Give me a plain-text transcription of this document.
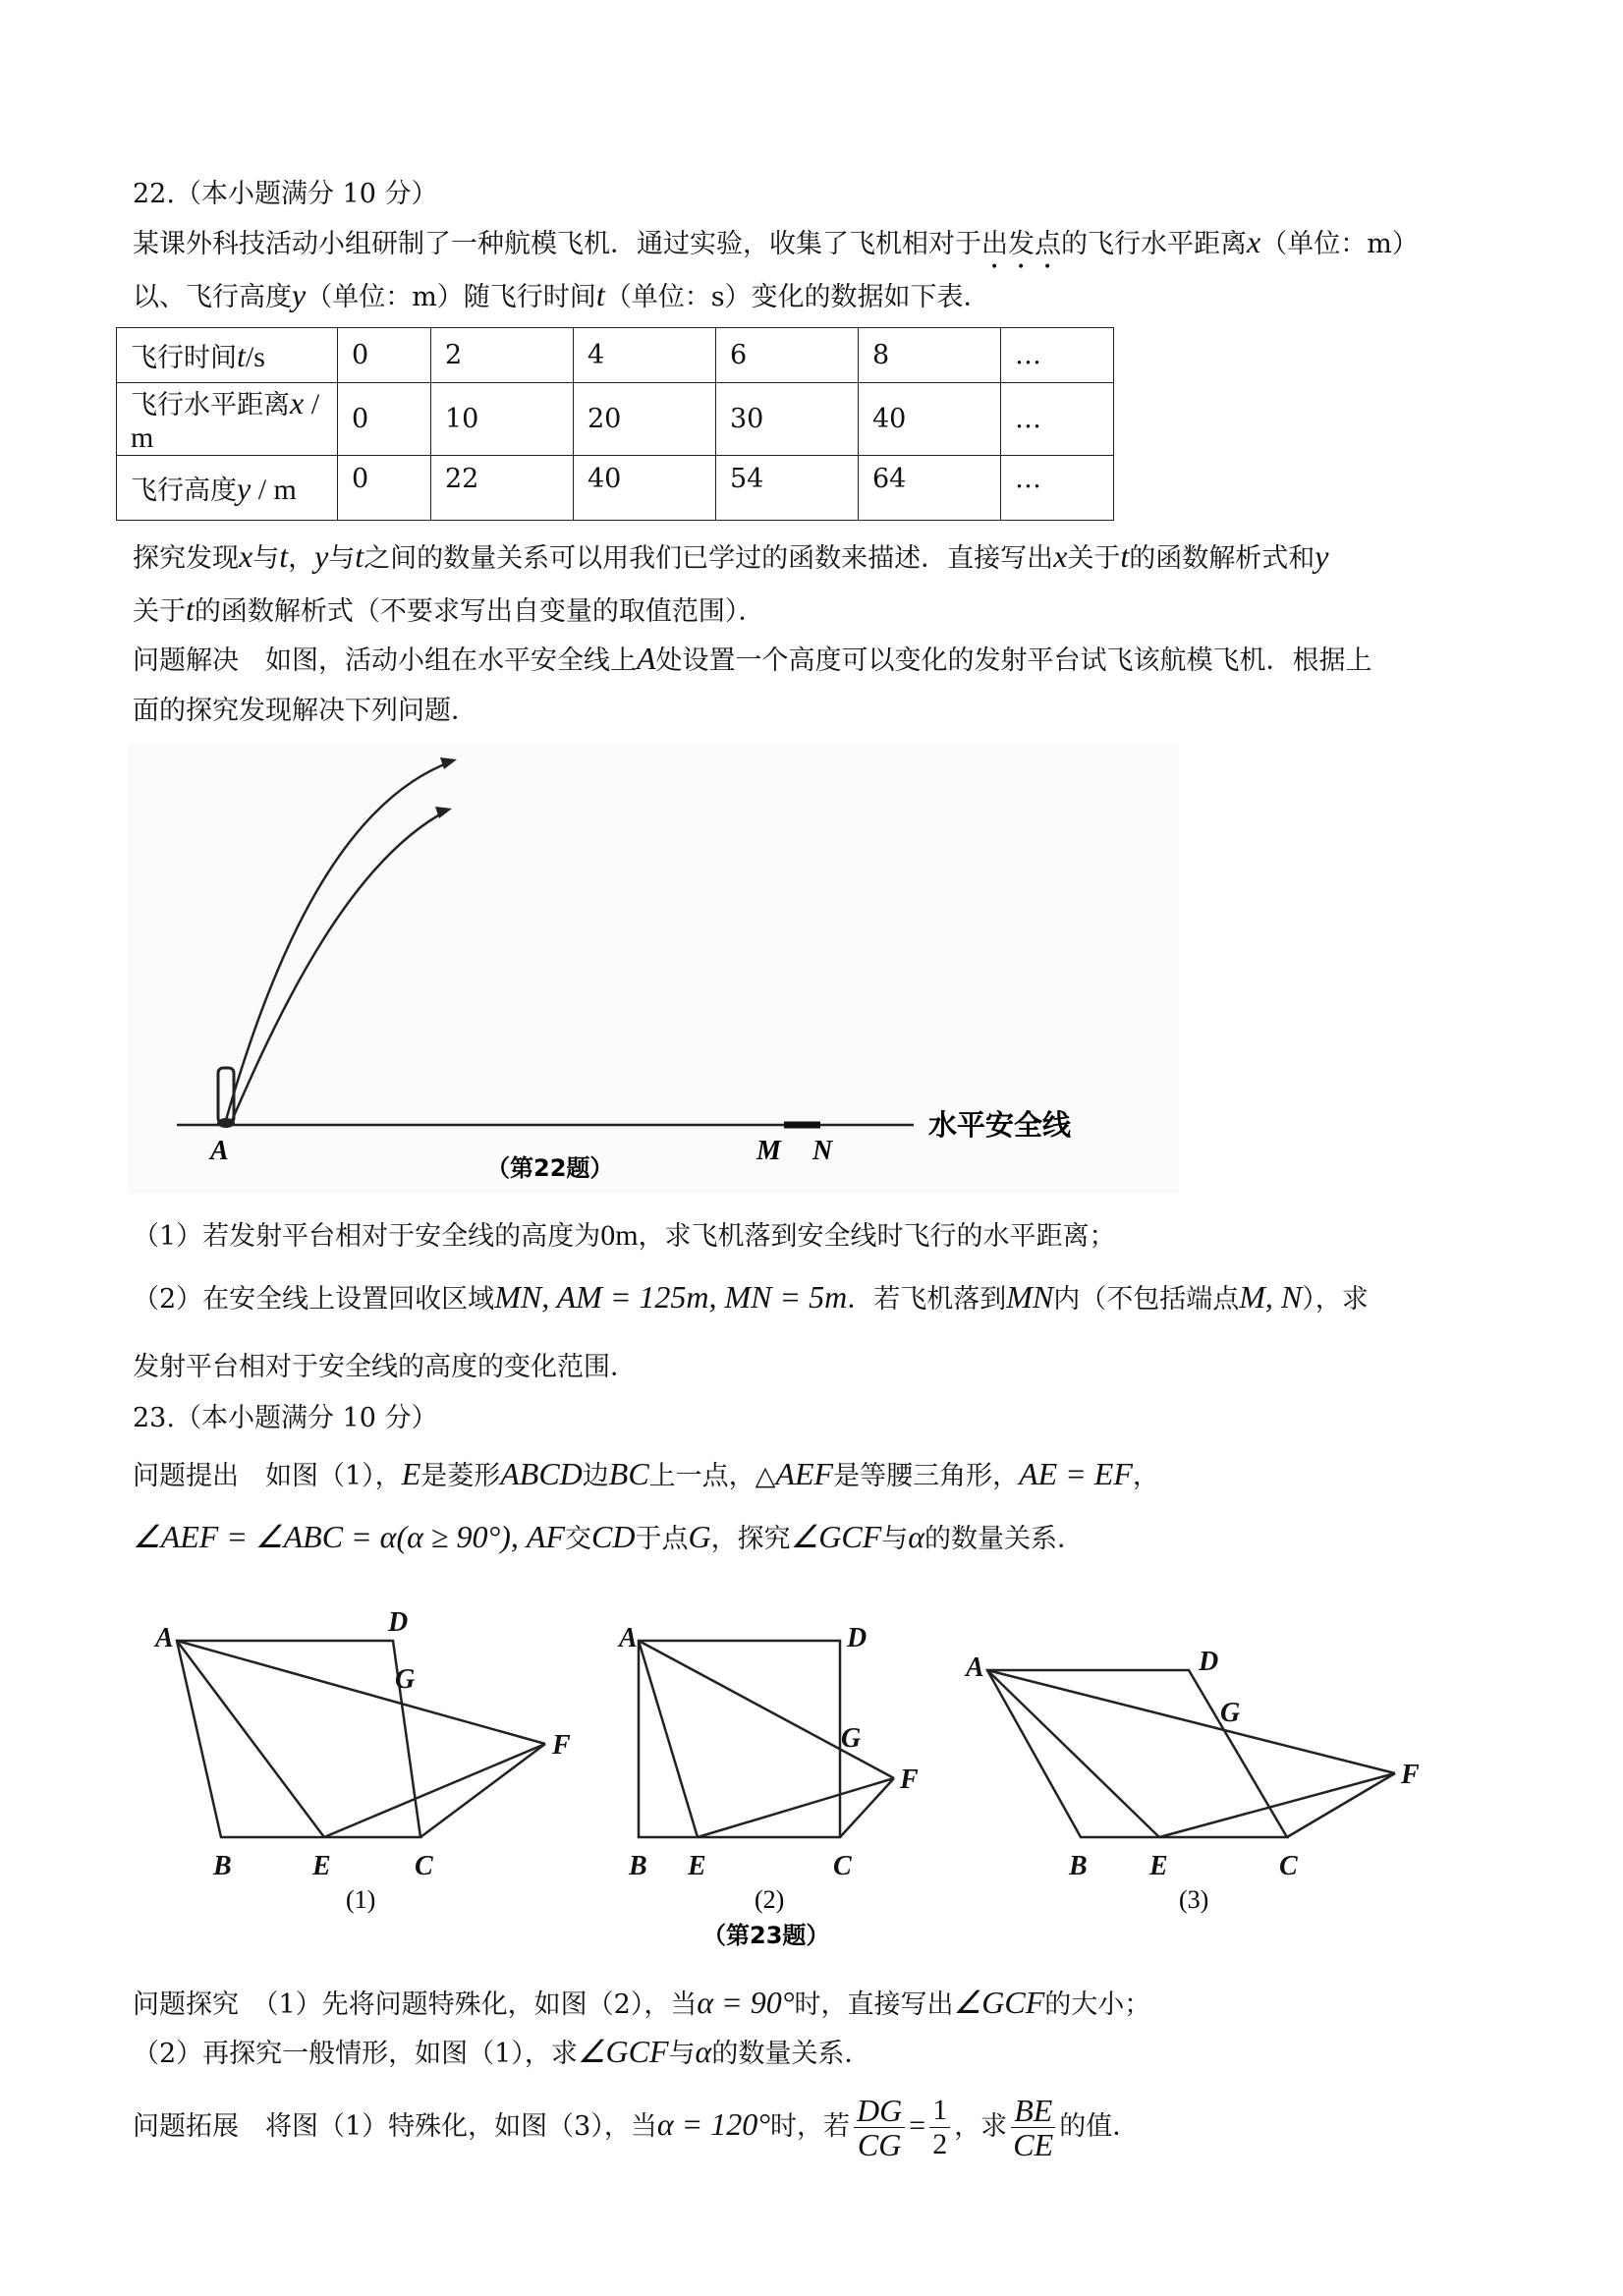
22.（本小题满分 10 分）
某课外科技活动小组研制了一种航模飞机．通过实验，收集了飞机相对于出发点的飞行水平距离x（单位：m）
以、飞行高度y（单位：m）随飞行时间t（单位：s）变化的数据如下表．
飞行时间t/s	0	2	4	6	8	…
飞行水平距离x / m	0	10	20	30	40	…
飞行高度y / m	0	22	40	54	64	…
探究发现x与t，y与t之间的数量关系可以用我们已学过的函数来描述．直接写出x关于t的函数解析式和y
关于t的函数解析式（不要求写出自变量的取值范围）．
问题解决　如图，活动小组在水平安全线上A处设置一个高度可以变化的发射平台试飞该航模飞机．根据上
面的探究发现解决下列问题．
A	M N
水平安全线
（第22题）
（1）若发射平台相对于安全线的高度为0m，求飞机落到安全线时飞行的水平距离；
（2）在安全线上设置回收区域MN, AM = 125m, MN = 5m．若飞机落到MN内（不包括端点M, N），求
发射平台相对于安全线的高度的变化范围．
23.（本小题满分 10 分）
问题提出　如图（1），E是菱形ABCD边BC上一点，△AEF是等腰三角形，AE = EF，
∠AEF = ∠ABC = α(α ≥ 90°), AF交CD于点G，探究∠GCF与α的数量关系．
A
D
G
F
B	E	C
(1)
A	D
G
F
B E	C
(2)
（第23题）
A	D
G
F
B E	C
(3)
问题探究　（1）先将问题特殊化，如图（2），当α = 90°时，直接写出∠GCF的大小；
（2）再探究一般情形，如图（1），求∠GCF与α的数量关系．
问题拓展　将图（1）特殊化，如图（3），当α = 120°时，若 $\frac{DG}{CG} = \frac{1}{2}$ ，求 $\frac{BE}{CE}$ 的值．
